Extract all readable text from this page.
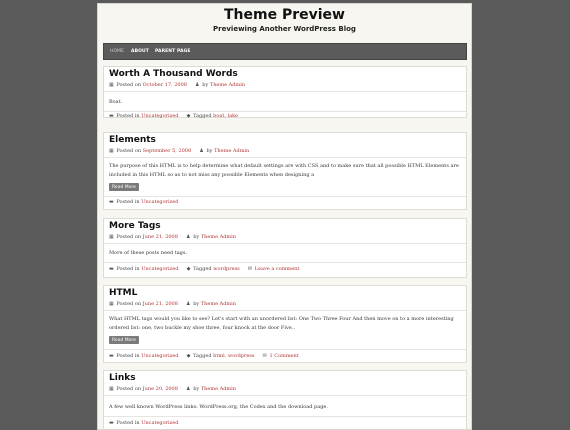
Theme Preview
Previewing Another WordPress Blog
HOME ABOUT PARENT PAGE
Worth A Thousand Words
▦ Posted on October 17, 2008 ♟ by Theme Admin
Boat.
▬ Posted in Uncategorized ◆ Tagged boat, lake
Elements
▦ Posted on September 5, 2008 ♟ by Theme Admin
The purpose of this HTML is to help determine what default settings are with CSS and to make sure that all possible HTML Elements are included in this HTML so as to not miss any possible Elements when designing a
Read More
▬ Posted in Uncategorized
More Tags
▦ Posted on June 21, 2008 ♟ by Theme Admin
More of these posts need tags.
▬ Posted in Uncategorized ◆ Tagged wordpress ✉ Leave a comment
HTML
▦ Posted on June 21, 2008 ♟ by Theme Admin
What HTML tags would you like to see? Let's start with an unordered list: One Two Three Four And then move on to a more interesting ordered list: one, two buckle my shoe three, four knock at the door Five..
Read More
▬ Posted in Uncategorized ◆ Tagged html, wordpress ✉ 1 Comment
Links
▦ Posted on June 20, 2008 ♟ by Theme Admin
A few well known WordPress links: WordPress.org, the Codex and the download page.
▬ Posted in Uncategorized
